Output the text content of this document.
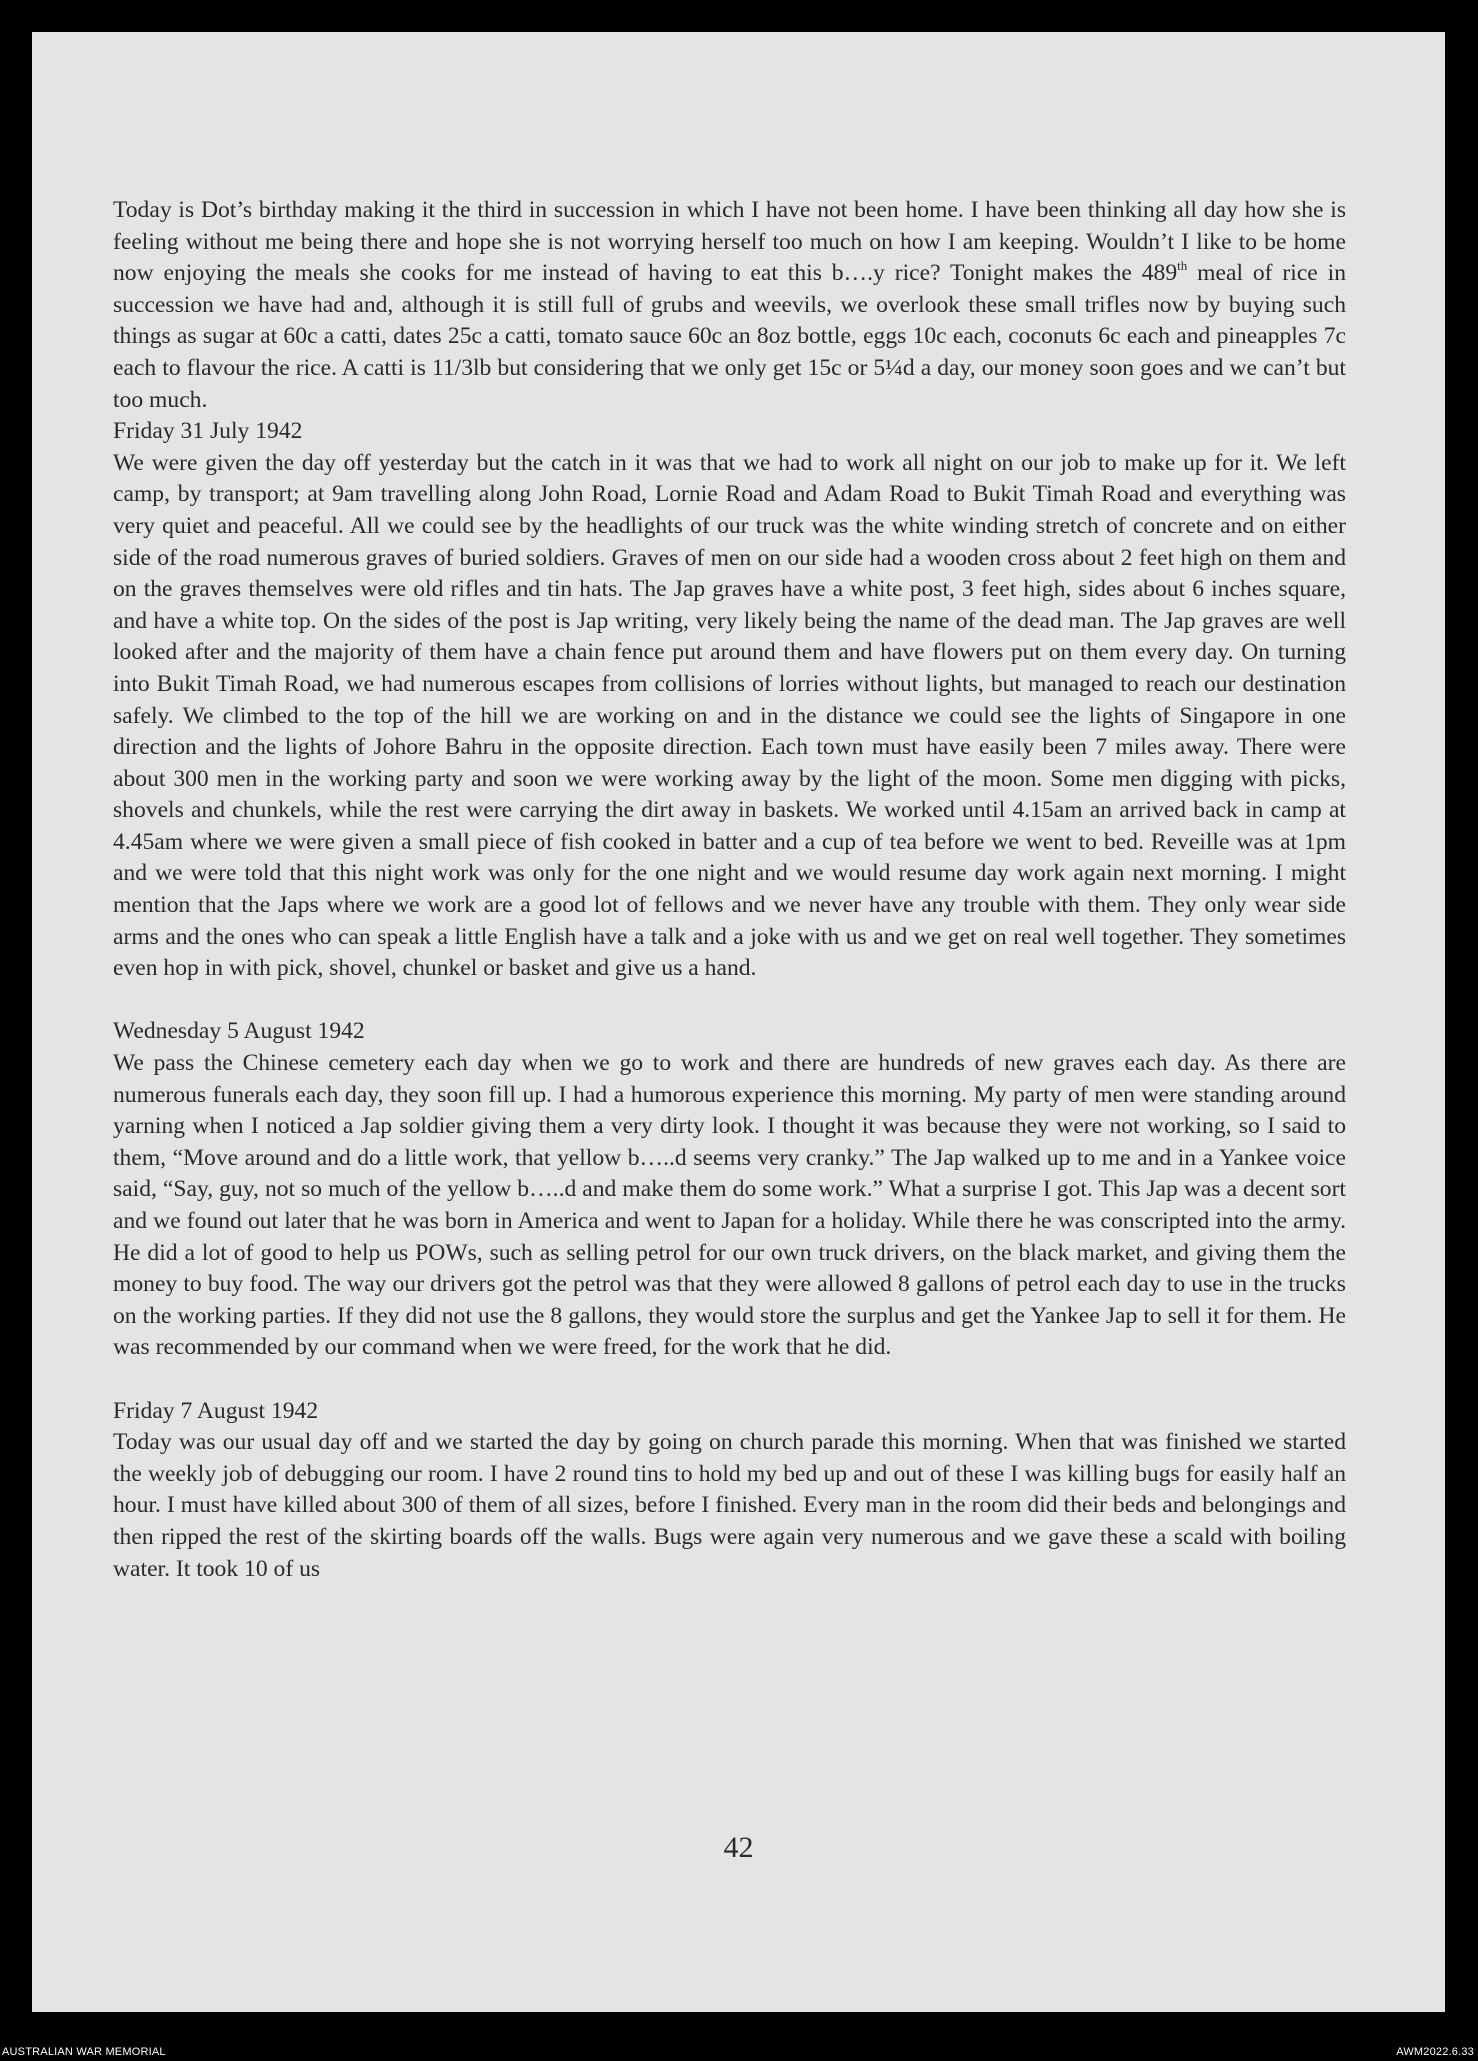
Today is Dot’s birthday making it the third in succession in which I have not been home. I have been thinking all day how she is feeling without me being there and hope she is not worrying herself too much on how I am keeping. Wouldn’t I like to be home now enjoying the meals she cooks for me instead of having to eat this b….y rice? Tonight makes the 489th meal of rice in succession we have had and, although it is still full of grubs and weevils, we overlook these small trifles now by buying such things as sugar at 60c a catti, dates 25c a catti, tomato sauce 60c an 8oz bottle, eggs 10c each, coconuts 6c each and pineapples 7c each to flavour the rice. A catti is 11/3lb but considering that we only get 15c or 5¼d a day, our money soon goes and we can’t but too much.

Friday 31 July 1942

We were given the day off yesterday but the catch in it was that we had to work all night on our job to make up for it. We left camp, by transport; at 9am travelling along John Road, Lornie Road and Adam Road to Bukit Timah Road and everything was very quiet and peaceful. All we could see by the headlights of our truck was the white winding stretch of concrete and on either side of the road numerous graves of buried soldiers. Graves of men on our side had a wooden cross about 2 feet high on them and on the graves themselves were old rifles and tin hats. The Jap graves have a white post, 3 feet high, sides about 6 inches square, and have a white top. On the sides of the post is Jap writing, very likely being the name of the dead man. The Jap graves are well looked after and the majority of them have a chain fence put around them and have flowers put on them every day. On turning into Bukit Timah Road, we had numerous escapes from collisions of lorries without lights, but managed to reach our destination safely. We climbed to the top of the hill we are working on and in the distance we could see the lights of Singapore in one direction and the lights of Johore Bahru in the opposite direction. Each town must have easily been 7 miles away. There were about 300 men in the working party and soon we were working away by the light of the moon. Some men digging with picks, shovels and chunkels, while the rest were carrying the dirt away in baskets. We worked until 4.15am an arrived back in camp at 4.45am where we were given a small piece of fish cooked in batter and a cup of tea before we went to bed. Reveille was at 1pm and we were told that this night work was only for the one night and we would resume day work again next morning. I might mention that the Japs where we work are a good lot of fellows and we never have any trouble with them. They only wear side arms and the ones who can speak a little English have a talk and a joke with us and we get on real well together. They sometimes even hop in with pick, shovel, chunkel or basket and give us a hand.

Wednesday 5 August 1942

We pass the Chinese cemetery each day when we go to work and there are hundreds of new graves each day. As there are numerous funerals each day, they soon fill up. I had a humorous experience this morning. My party of men were standing around yarning when I noticed a Jap soldier giving them a very dirty look. I thought it was because they were not working, so I said to them, “Move around and do a little work, that yellow b…..d seems very cranky.” The Jap walked up to me and in a Yankee voice said, “Say, guy, not so much of the yellow b…..d and make them do some work.” What a surprise I got. This Jap was a decent sort and we found out later that he was born in America and went to Japan for a holiday. While there he was conscripted into the army. He did a lot of good to help us POWs, such as selling petrol for our own truck drivers, on the black market, and giving them the money to buy food. The way our drivers got the petrol was that they were allowed 8 gallons of petrol each day to use in the trucks on the working parties. If they did not use the 8 gallons, they would store the surplus and get the Yankee Jap to sell it for them. He was recommended by our command when we were freed, for the work that he did.

Friday 7 August 1942

Today was our usual day off and we started the day by going on church parade this morning. When that was finished we started the weekly job of debugging our room. I have 2 round tins to hold my bed up and out of these I was killing bugs for easily half an hour. I must have killed about 300 of them of all sizes, before I finished. Every man in the room did their beds and belongings and then ripped the rest of the skirting boards off the walls. Bugs were again very numerous and we gave these a scald with boiling water. It took 10 of us

42
AUSTRALIAN WAR MEMORIAL	AWM2022.6.33
